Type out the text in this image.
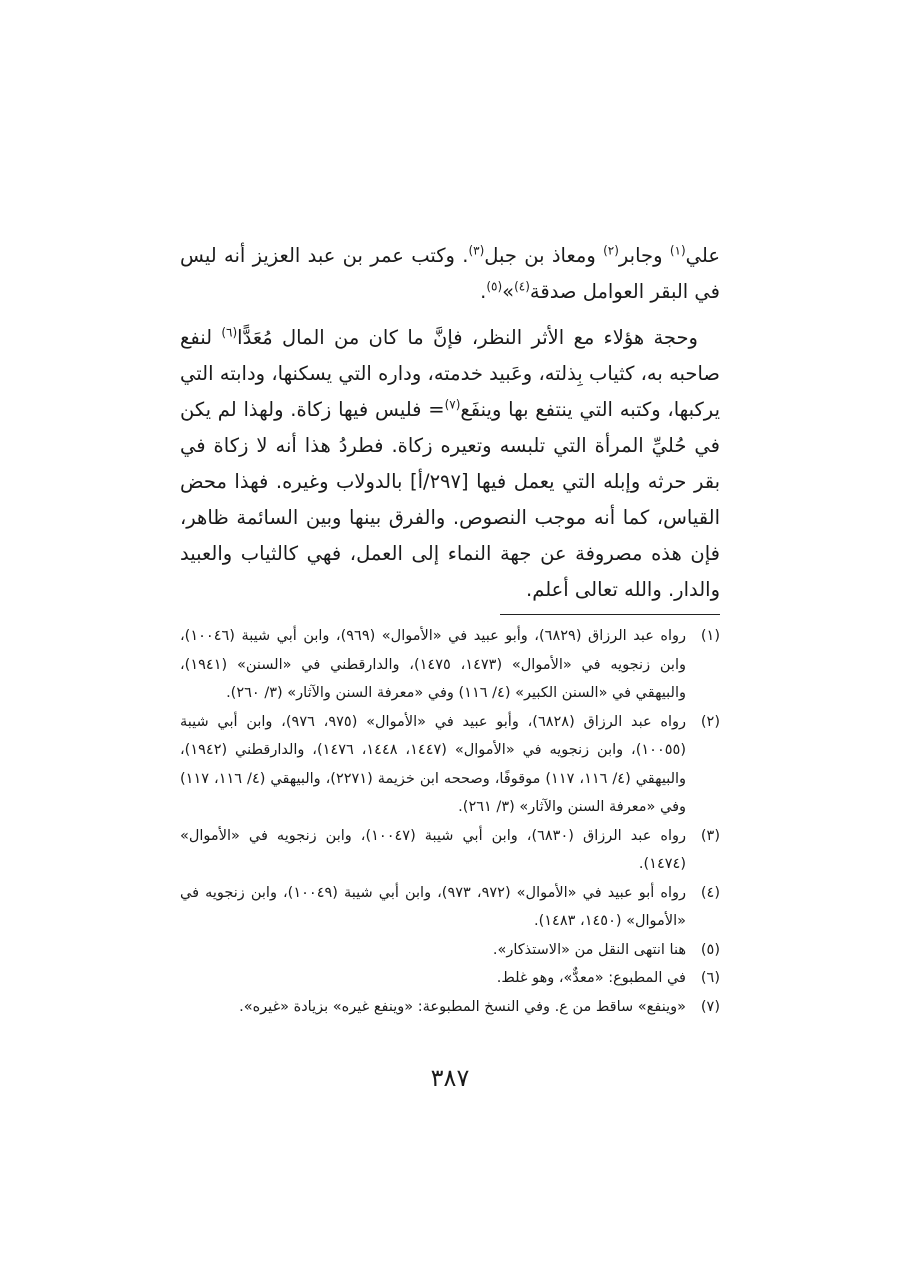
علي$^{(١)}$ وجابر$^{(٢)}$ ومعاذ بن جبل$^{(٣)}$. وكتب عمر بن عبد العزيز أنه ليس في البقر العوامل صدقة$^{(٤)}$»$^{(٥)}$.

وحجة هؤلاء مع الأثر النظر، فإنَّ ما كان من المال مُعَدًّا$^{(٦)}$ لنفع صاحبه به، كثياب بِذلته، وعَبيد خدمته، وداره التي يسكنها، ودابته التي يركبها، وكتبه التي ينتفع بها وينفَع$^{(٧)}$= فليس فيها زكاة. ولهذا لم يكن في حُليِّ المرأة التي تلبسه وتعيره زكاة. فطردُ هذا أنه لا زكاة في بقر حرثه وإبله التي يعمل فيها [٢٩٧/أ] بالدولاب وغيره. فهذا محض القياس، كما أنه موجب النصوص. والفرق بينها وبين السائمة ظاهر، فإن هذه مصروفة عن جهة النماء إلى العمل، فهي كالثياب والعبيد والدار. والله تعالى أعلم.

(١)
رواه عبد الرزاق (٦٨٢٩)، وأبو عبيد في «الأموال» (٩٦٩)، وابن أبي شيبة (١٠٠٤٦)، وابن زنجويه في «الأموال» (١٤٧٣، ١٤٧٥)، والدارقطني في «السنن» (١٩٤١)، والبيهقي في «السنن الكبير» (٤/ ١١٦) وفي «معرفة السنن والآثار» (٣/ ٢٦٠).
(٢)
رواه عبد الرزاق (٦٨٢٨)، وأبو عبيد في «الأموال» (٩٧٥، ٩٧٦)، وابن أبي شيبة (١٠٠٥٥)، وابن زنجويه في «الأموال» (١٤٤٧، ١٤٤٨، ١٤٧٦)، والدارقطني (١٩٤٢)، والبيهقي (٤/ ١١٦، ١١٧) موقوفًا، وصححه ابن خزيمة (٢٢٧١)، والبيهقي (٤/ ١١٦، ١١٧) وفي «معرفة السنن والآثار» (٣/ ٢٦١).
(٣)
رواه عبد الرزاق (٦٨٣٠)، وابن أبي شيبة (١٠٠٤٧)، وابن زنجويه في «الأموال» (١٤٧٤).
(٤)
رواه أبو عبيد في «الأموال» (٩٧٢، ٩٧٣)، وابن أبي شيبة (١٠٠٤٩)، وابن زنجويه في «الأموال» (١٤٥٠، ١٤٨٣).
(٥)
هنا انتهى النقل من «الاستذكار».
(٦)
في المطبوع: «معدٌّ»، وهو غلط.
(٧)
«وينفع» ساقط من ع. وفي النسخ المطبوعة: «وينفع غيره» بزيادة «غيره».
٣٨٧
